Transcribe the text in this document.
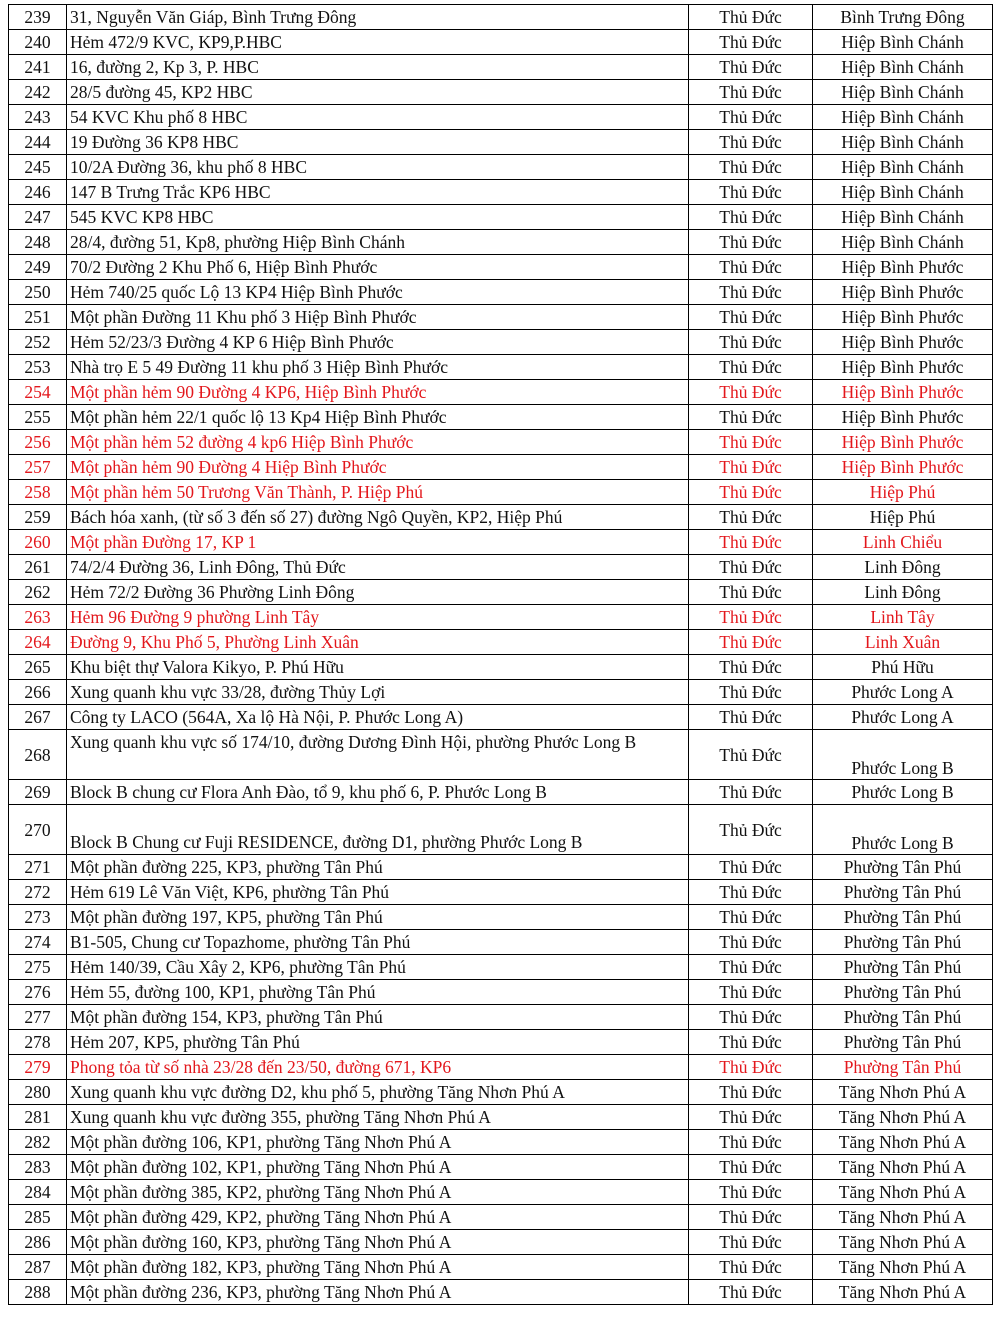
239	31, Nguyễn Văn Giáp, Bình Trưng Đông	Thủ Đức	Bình Trưng Đông
240	Hẻm 472/9 KVC, KP9,P.HBC	Thủ Đức	Hiệp Bình Chánh
241	16, đường 2, Kp 3, P. HBC	Thủ Đức	Hiệp Bình Chánh
242	28/5 đường 45, KP2 HBC	Thủ Đức	Hiệp Bình Chánh
243	54 KVC Khu phố 8 HBC	Thủ Đức	Hiệp Bình Chánh
244	19 Đường 36 KP8 HBC	Thủ Đức	Hiệp Bình Chánh
245	10/2A Đường 36, khu phố 8 HBC	Thủ Đức	Hiệp Bình Chánh
246	147 B Trưng Trắc KP6 HBC	Thủ Đức	Hiệp Bình Chánh
247	545 KVC KP8 HBC	Thủ Đức	Hiệp Bình Chánh
248	28/4, đường 51, Kp8, phường Hiệp Bình Chánh	Thủ Đức	Hiệp Bình Chánh
249	70/2 Đường 2 Khu Phố 6, Hiệp Bình Phước	Thủ Đức	Hiệp Bình Phước
250	Hẻm 740/25 quốc Lộ 13 KP4 Hiệp Bình Phước	Thủ Đức	Hiệp Bình Phước
251	Một phần Đường 11 Khu phố 3 Hiệp Bình Phước	Thủ Đức	Hiệp Bình Phước
252	Hẻm 52/23/3 Đường 4 KP 6 Hiệp Bình Phước	Thủ Đức	Hiệp Bình Phước
253	Nhà trọ E 5 49 Đường 11 khu phố 3 Hiệp Bình Phước	Thủ Đức	Hiệp Bình Phước
254	Một phần hẻm 90 Đường 4 KP6, Hiệp Bình Phước	Thủ Đức	Hiệp Bình Phước
255	Một phần hẻm 22/1 quốc lộ 13 Kp4 Hiệp Bình Phước	Thủ Đức	Hiệp Bình Phước
256	Một phần hẻm 52 đường 4 kp6 Hiệp Bình Phước	Thủ Đức	Hiệp Bình Phước
257	Một phần hẻm 90 Đường 4 Hiệp Bình Phước	Thủ Đức	Hiệp Bình Phước
258	Một phần hẻm 50 Trương Văn Thành, P. Hiệp Phú	Thủ Đức	Hiệp Phú
259	Bách hóa xanh, (từ số 3 đến số 27) đường Ngô Quyền, KP2, Hiệp Phú	Thủ Đức	Hiệp Phú
260	Một phần Đường 17, KP 1	Thủ Đức	Linh Chiểu
261	74/2/4 Đường 36, Linh Đông, Thủ Đức	Thủ Đức	Linh Đông
262	Hẻm 72/2 Đường 36 Phường Linh Đông	Thủ Đức	Linh Đông
263	Hẻm 96 Đường 9 phường Linh Tây	Thủ Đức	Linh Tây
264	Đường 9, Khu Phố 5, Phường Linh Xuân	Thủ Đức	Linh Xuân
265	Khu biệt thự Valora Kikyo, P. Phú Hữu	Thủ Đức	Phú Hữu
266	Xung quanh khu vực 33/28, đường Thủy Lợi	Thủ Đức	Phước Long A
267	Công ty LACO (564A, Xa lộ Hà Nội, P. Phước Long A)	Thủ Đức	Phước Long A
268	Xung quanh khu vực số 174/10, đường Dương Đình Hội, phường Phước Long B	Thủ Đức	Phước Long B
269	Block B chung cư Flora Anh Đào, tổ 9, khu phố 6, P. Phước Long B	Thủ Đức	Phước Long B
270	Block B Chung cư Fuji RESIDENCE, đường D1, phường Phước Long B	Thủ Đức	Phước Long B
271	Một phần đường 225, KP3, phường Tân Phú	Thủ Đức	Phường Tân Phú
272	Hẻm 619 Lê Văn Việt, KP6, phường Tân Phú	Thủ Đức	Phường Tân Phú
273	Một phần đường 197, KP5, phường Tân Phú	Thủ Đức	Phường Tân Phú
274	B1-505, Chung cư Topazhome, phường Tân Phú	Thủ Đức	Phường Tân Phú
275	Hẻm 140/39, Cầu Xây 2, KP6, phường Tân Phú	Thủ Đức	Phường Tân Phú
276	Hẻm 55, đường 100, KP1, phường Tân Phú	Thủ Đức	Phường Tân Phú
277	Một phần đường 154, KP3, phường Tân Phú	Thủ Đức	Phường Tân Phú
278	Hẻm 207, KP5, phường Tân Phú	Thủ Đức	Phường Tân Phú
279	Phong tỏa từ số nhà 23/28 đến 23/50, đường 671, KP6	Thủ Đức	Phường Tân Phú
280	Xung quanh khu vực đường D2, khu phố 5, phường Tăng Nhơn Phú A	Thủ Đức	Tăng Nhơn Phú A
281	Xung quanh khu vực đường 355, phường Tăng Nhơn Phú A	Thủ Đức	Tăng Nhơn Phú A
282	Một phần đường 106, KP1, phường Tăng Nhơn Phú A	Thủ Đức	Tăng Nhơn Phú A
283	Một phần đường 102, KP1, phường Tăng Nhơn Phú A	Thủ Đức	Tăng Nhơn Phú A
284	Một phần đường 385, KP2, phường Tăng Nhơn Phú A	Thủ Đức	Tăng Nhơn Phú A
285	Một phần đường 429, KP2, phường Tăng Nhơn Phú A	Thủ Đức	Tăng Nhơn Phú A
286	Một phần đường 160, KP3, phường Tăng Nhơn Phú A	Thủ Đức	Tăng Nhơn Phú A
287	Một phần đường 182, KP3, phường Tăng Nhơn Phú A	Thủ Đức	Tăng Nhơn Phú A
288	Một phần đường 236, KP3, phường Tăng Nhơn Phú A	Thủ Đức	Tăng Nhơn Phú A
